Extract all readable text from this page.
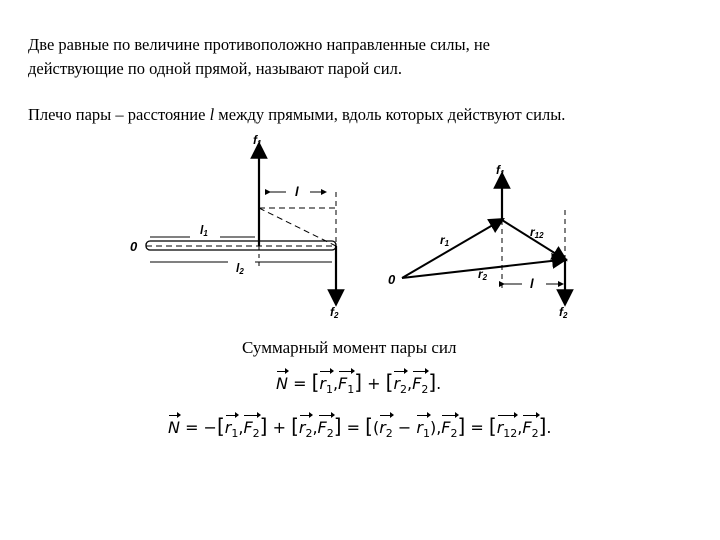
Две равные по величине противоположно направленные силы, не
действующие по одной прямой, называют парой сил.

Плечо пары – расстояние l между прямыми, вдоль которых действуют силы.

0
f1
f2
l
l1
l2
0
f1
f2
r1
r2
r12
l

Суммарный момент пары сил

$N = [r_1,F_1] + [r_2,F_2]$.

$N = -[r_1,F_2] + [r_2,F_2] = [(r_2 - r_1),F_2] = [r_{12},F_2]$.
